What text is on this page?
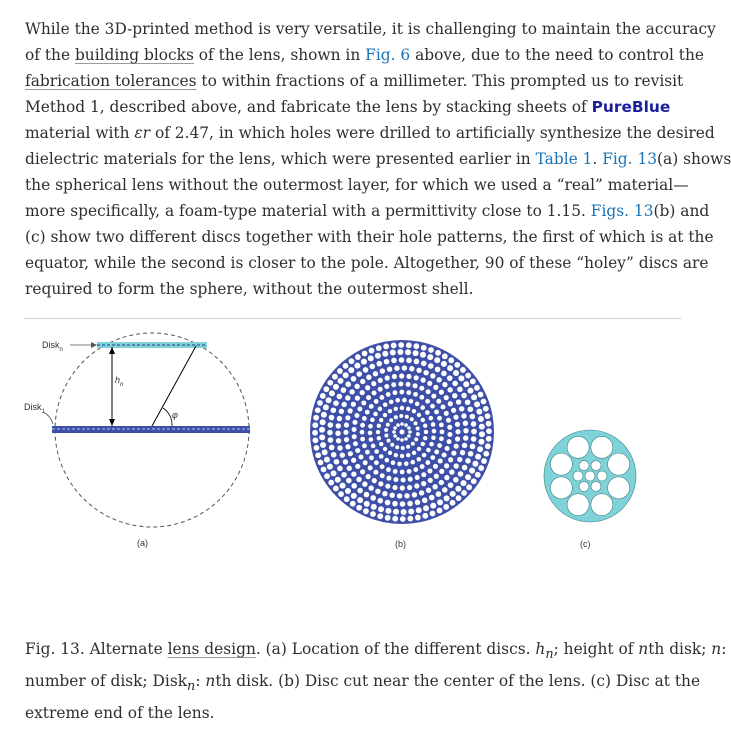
While the 3D-printed method is very versatile, it is challenging to maintain the accuracy
of the building blocks of the lens, shown in Fig. 6 above, due to the need to control the
fabrication tolerances to within fractions of a millimeter. This prompted us to revisit
Method 1, described above, and fabricate the lens by stacking sheets of PureBlue
material with εr of 2.47, in which holes were drilled to artificially synthesize the desired
dielectric materials for the lens, which were presented earlier in Table 1. Fig. 13(a) shows
the spherical lens without the outermost layer, for which we used a “real” material—
more specifically, a foam-type material with a permittivity close to 1.15. Figs. 13(b) and
(c) show two different discs together with their hole patterns, the first of which is at the
equator, while the second is closer to the pole. Altogether, 90 of these “holey” discs are
required to form the sphere, without the outermost shell.
Disk$_n$
Disk$_1$
$h_n$
φ
(a)	(b)	(c)
Fig. 13. Alternate lens design. (a) Location of the different discs. $h_n$; height of nth disk; n:
number of disk; Disk$_n$: nth disk. (b) Disc cut near the center of the lens. (c) Disc at the
extreme end of the lens.
